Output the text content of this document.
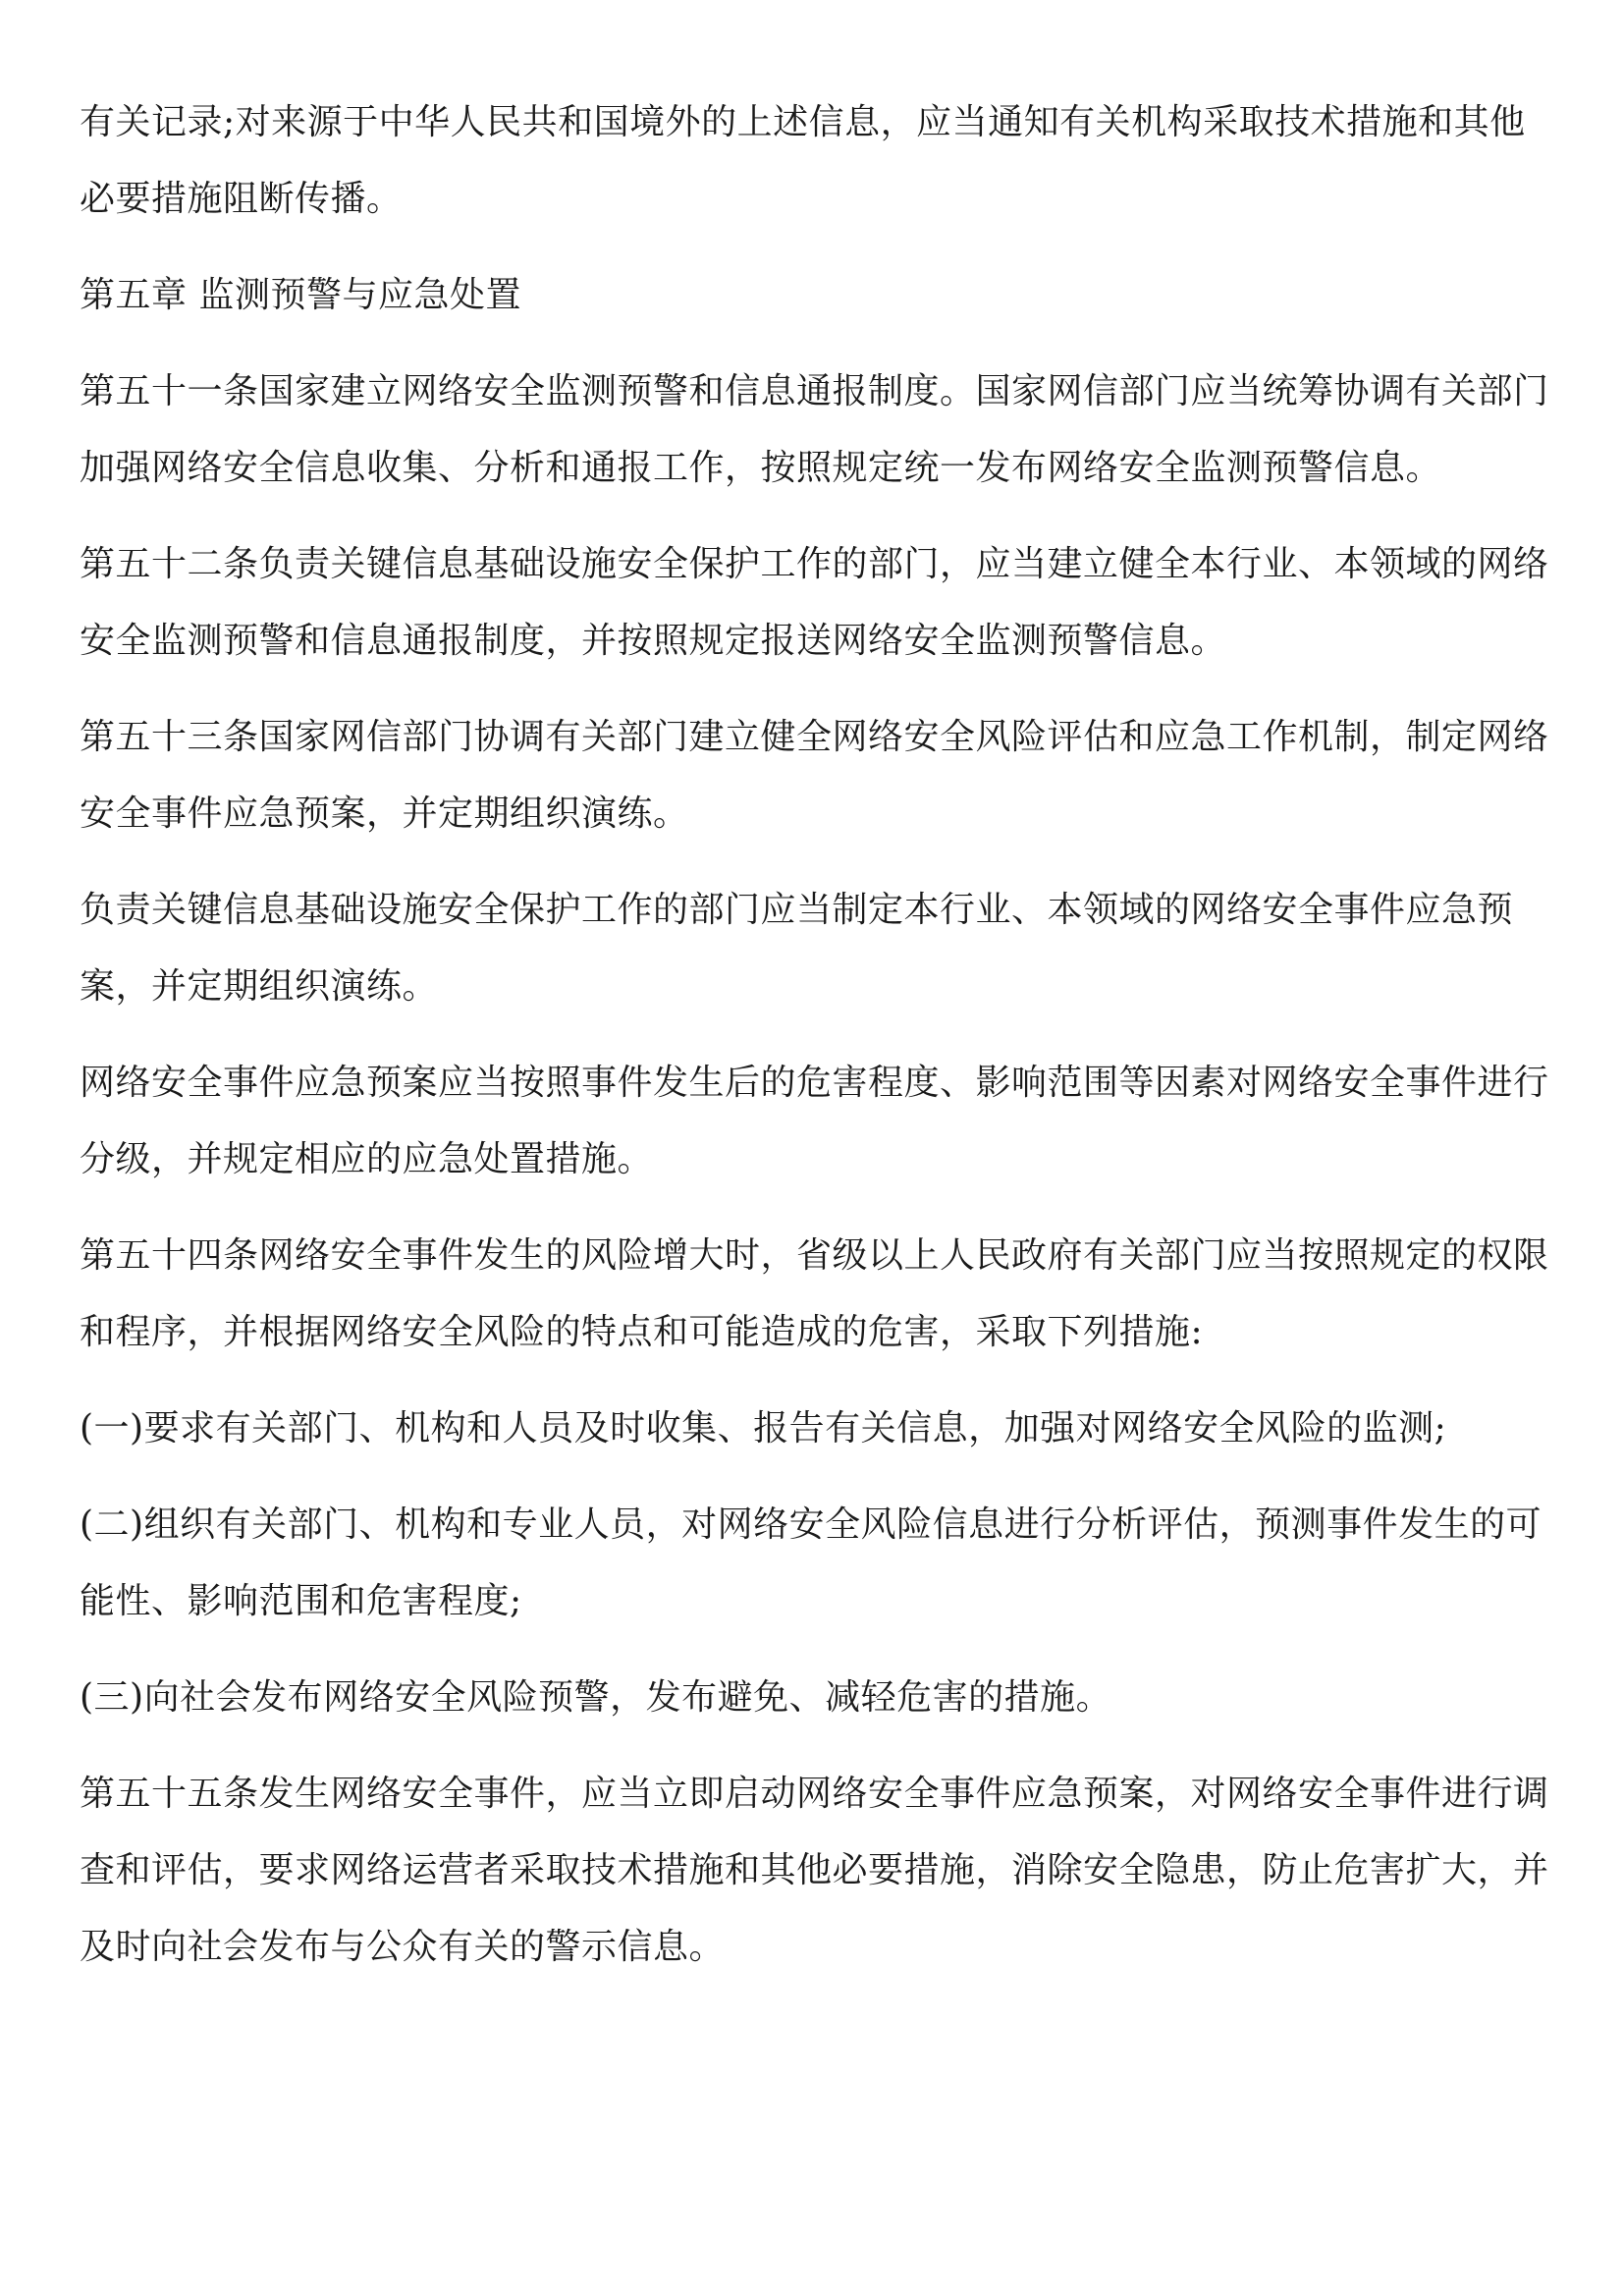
有关记录;对来源于中华人民共和国境外的上述信息，应当通知有关机构采取技术措施和其他必要措施阻断传播。

第五章 监测预警与应急处置

第五十一条国家建立网络安全监测预警和信息通报制度。国家网信部门应当统筹协调有关部门加强网络安全信息收集、分析和通报工作，按照规定统一发布网络安全监测预警信息。

第五十二条负责关键信息基础设施安全保护工作的部门，应当建立健全本行业、本领域的网络安全监测预警和信息通报制度，并按照规定报送网络安全监测预警信息。

第五十三条国家网信部门协调有关部门建立健全网络安全风险评估和应急工作机制，制定网络安全事件应急预案，并定期组织演练。

负责关键信息基础设施安全保护工作的部门应当制定本行业、本领域的网络安全事件应急预案，并定期组织演练。

网络安全事件应急预案应当按照事件发生后的危害程度、影响范围等因素对网络安全事件进行分级，并规定相应的应急处置措施。

第五十四条网络安全事件发生的风险增大时，省级以上人民政府有关部门应当按照规定的权限和程序，并根据网络安全风险的特点和可能造成的危害，采取下列措施:

(一)要求有关部门、机构和人员及时收集、报告有关信息，加强对网络安全风险的监测;

(二)组织有关部门、机构和专业人员，对网络安全风险信息进行分析评估，预测事件发生的可能性、影响范围和危害程度;

(三)向社会发布网络安全风险预警，发布避免、减轻危害的措施。

第五十五条发生网络安全事件，应当立即启动网络安全事件应急预案，对网络安全事件进行调查和评估，要求网络运营者采取技术措施和其他必要措施，消除安全隐患，防止危害扩大，并及时向社会发布与公众有关的警示信息。
